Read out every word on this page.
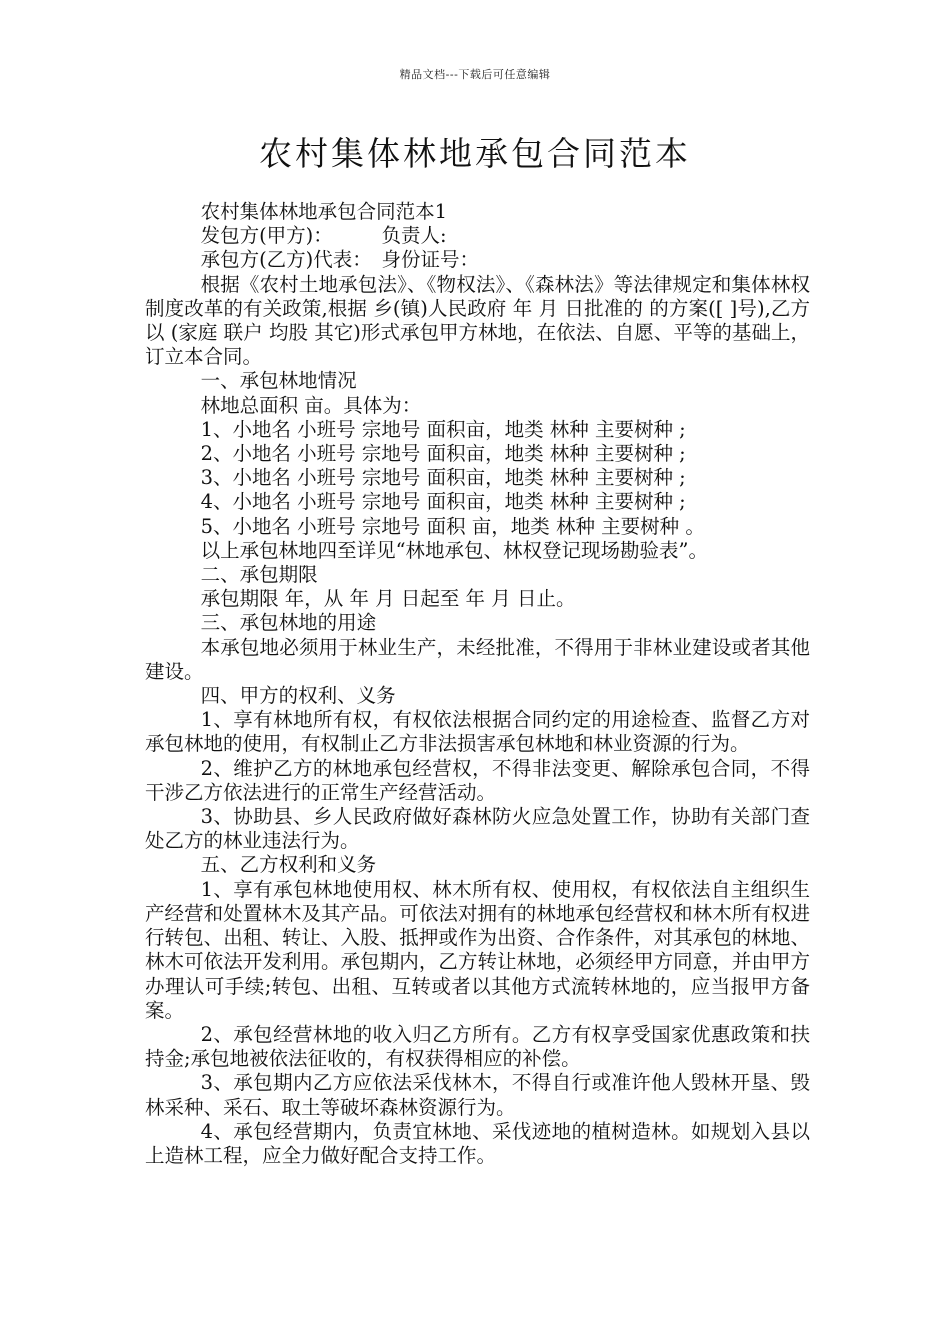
精品文档---下载后可任意编辑
农村集体林地承包合同范本

农村集体林地承包合同范本1

发包方(甲方)：　　　负责人:

承包方(乙方)代表：　身份证号：

根据《农村土地承包法》、《物权法》、《森林法》等法律规定和集体林权制度改革的有关政策,根据 乡(镇)人民政府 年 月 日批准的 的方案([ ]号),乙方以 (家庭 联户 均股 其它)形式承包甲方林地，在依法、自愿、平等的基础上，订立本合同。

一、承包林地情况

林地总面积 亩。具体为：

1、小地名 小班号 宗地号 面积亩，地类 林种 主要树种 ;

2、小地名 小班号 宗地号 面积亩，地类 林种 主要树种 ;

3、小地名 小班号 宗地号 面积亩，地类 林种 主要树种 ;

4、小地名 小班号 宗地号 面积亩，地类 林种 主要树种 ;

5、小地名 小班号 宗地号 面积 亩，地类 林种 主要树种 。

以上承包林地四至详见“林地承包、林权登记现场勘验表”。

二、承包期限

承包期限 年，从 年 月 日起至 年 月 日止。

三、承包林地的用途

本承包地必须用于林业生产，未经批准，不得用于非林业建设或者其他建设。

四、甲方的权利、义务

1、享有林地所有权，有权依法根据合同约定的用途检查、监督乙方对承包林地的使用，有权制止乙方非法损害承包林地和林业资源的行为。

2、维护乙方的林地承包经营权，不得非法变更、解除承包合同，不得干涉乙方依法进行的正常生产经营活动。

3、协助县、乡人民政府做好森林防火应急处置工作，协助有关部门查处乙方的林业违法行为。

五、乙方权利和义务

1、享有承包林地使用权、林木所有权、使用权，有权依法自主组织生产经营和处置林木及其产品。可依法对拥有的林地承包经营权和林木所有权进行转包、出租、转让、入股、抵押或作为出资、合作条件，对其承包的林地、林木可依法开发利用。承包期内，乙方转让林地，必须经甲方同意，并由甲方办理认可手续;转包、出租、互转或者以其他方式流转林地的，应当报甲方备案。

2、承包经营林地的收入归乙方所有。乙方有权享受国家优惠政策和扶持金;承包地被依法征收的，有权获得相应的补偿。

3、承包期内乙方应依法采伐林木，不得自行或准许他人毁林开垦、毁林采种、采石、取土等破坏森林资源行为。

4、承包经营期内，负责宜林地、采伐迹地的植树造林。如规划入县以上造林工程，应全力做好配合支持工作。
